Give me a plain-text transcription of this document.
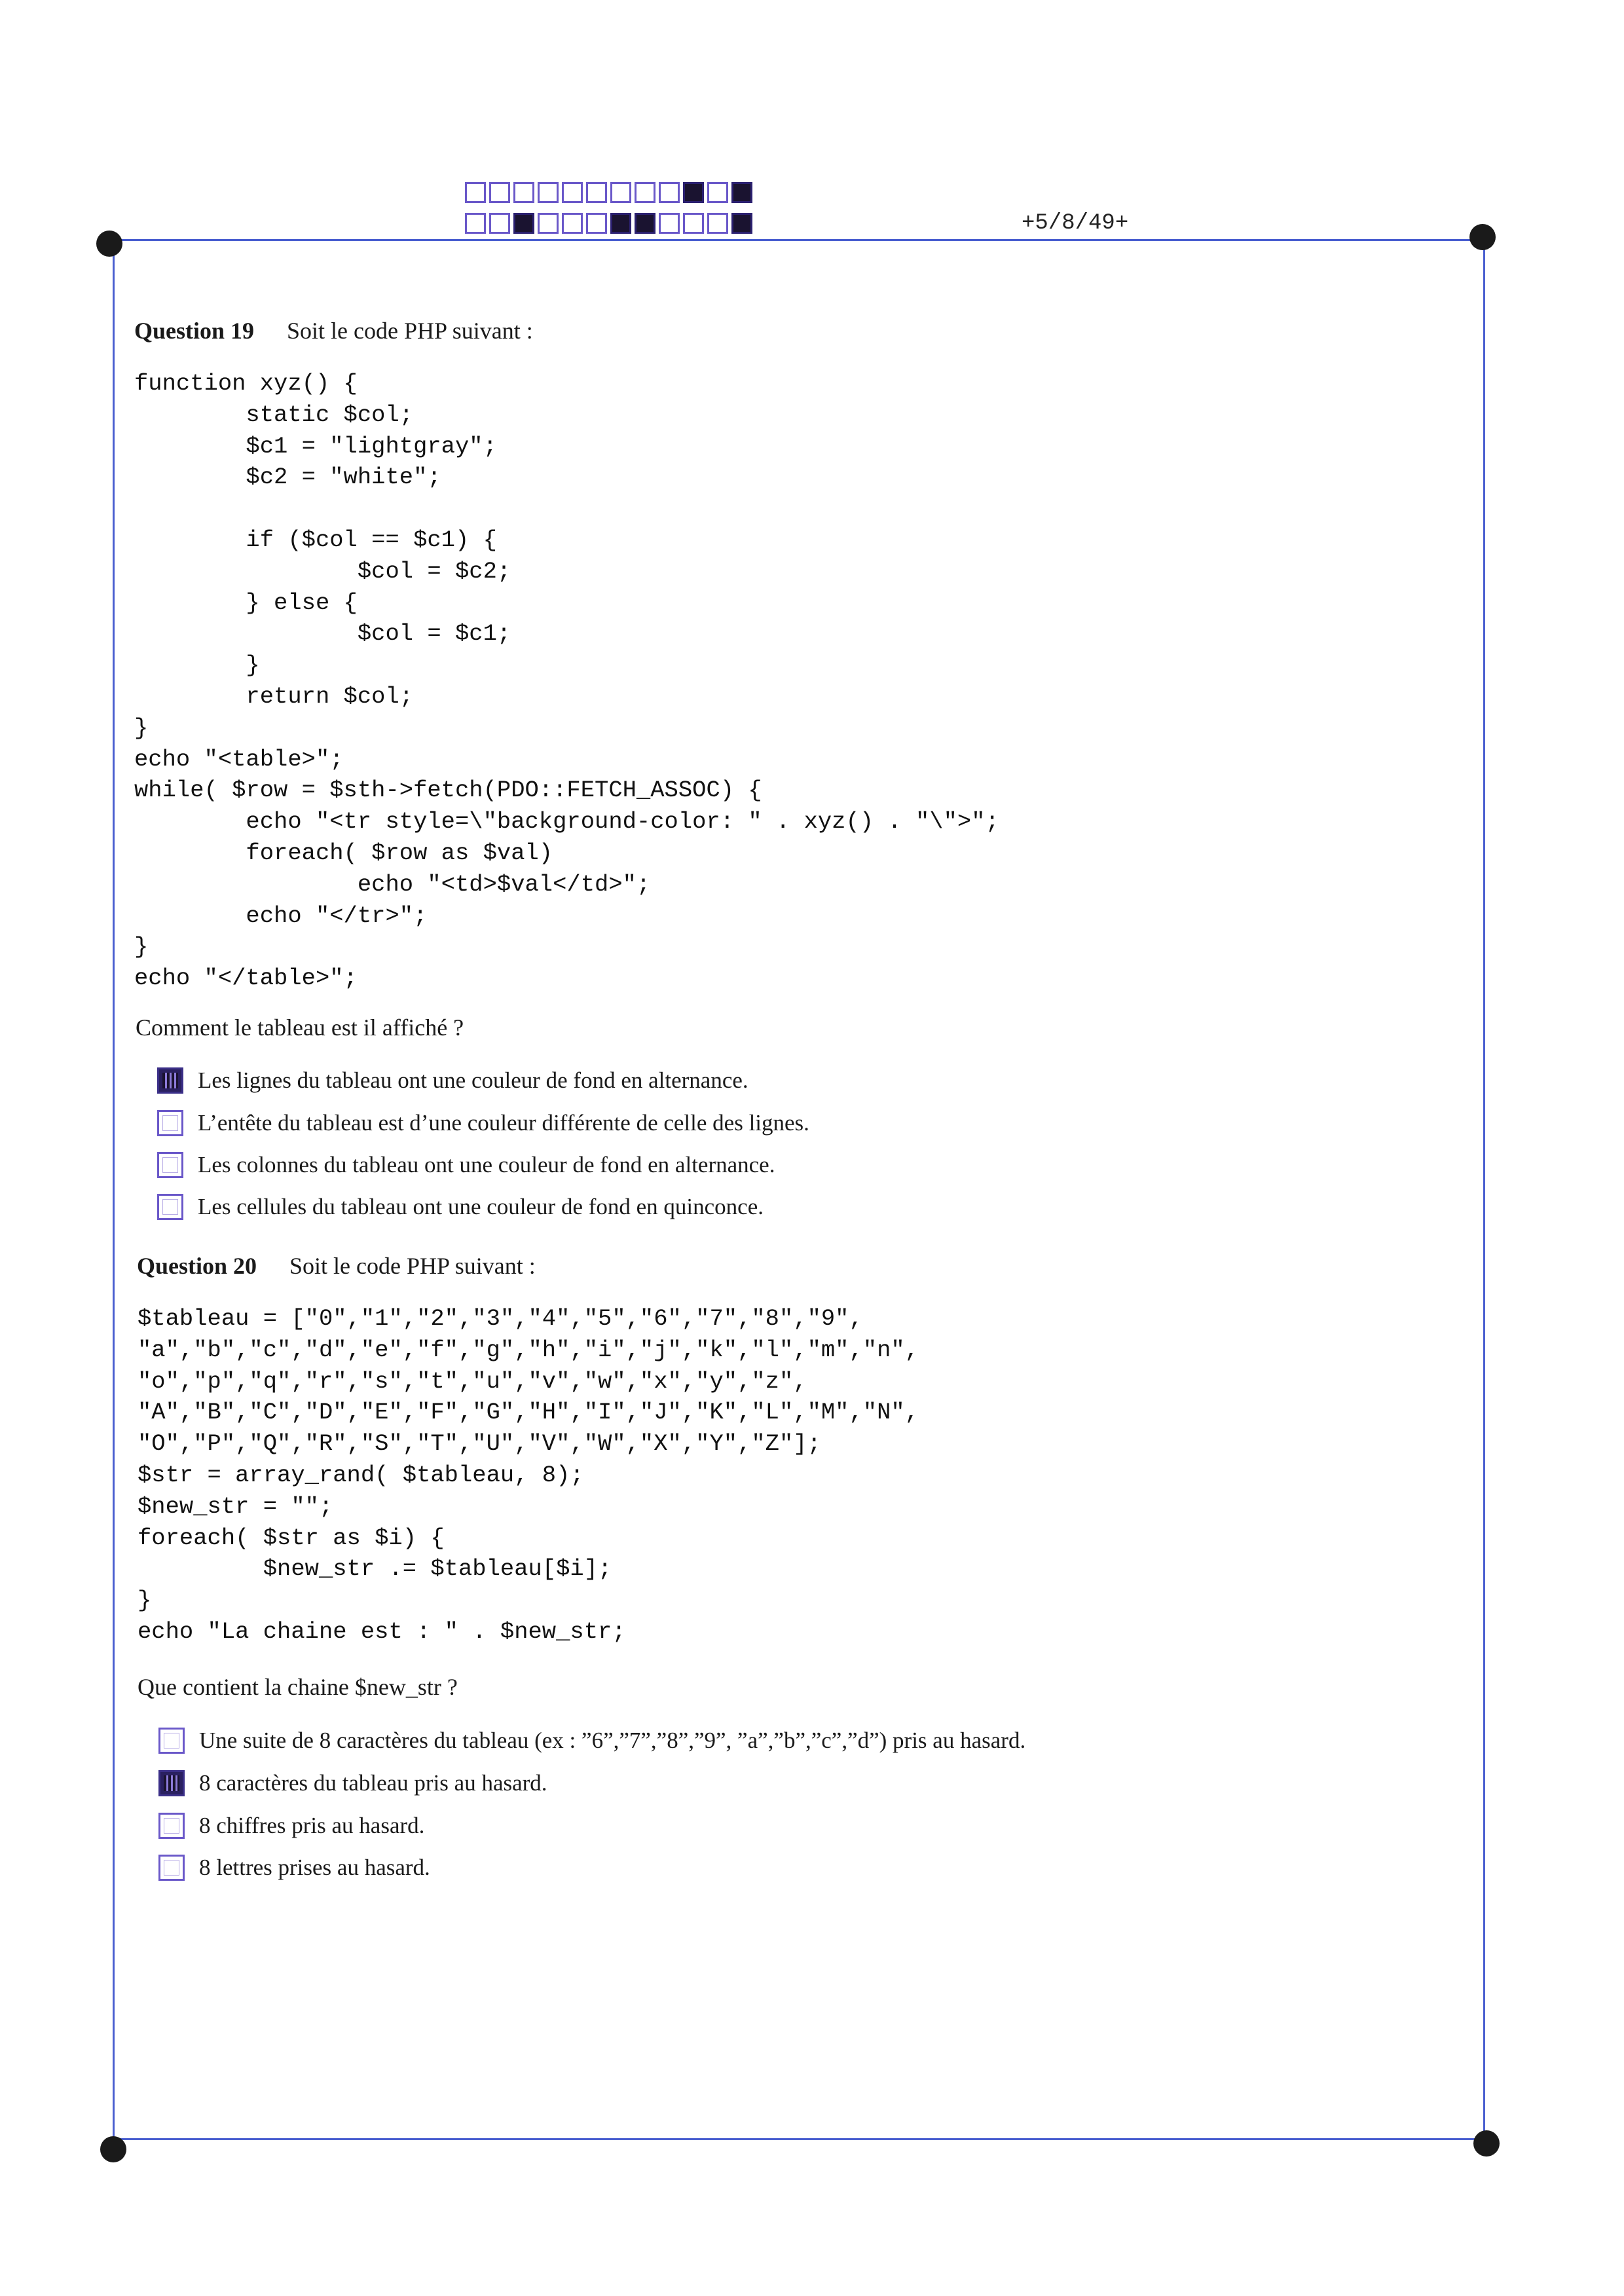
+5/8/49+
Question 19 Soit le code PHP suivant :
function xyz() {
static $col;
$c1 = "lightgray";
$c2 = "white";

if ($col == $c1) {
$col = $c2;
} else {
$col = $c1;
}
return $col;
}
echo "<table>";
while( $row = $sth->fetch(PDO::FETCH_ASSOC) {
echo "<tr style=\"background-color: " . xyz() . "\">";
foreach( $row as $val)
echo "<td>$val</td>";
echo "</tr>";
}
echo "</table>";
Comment le tableau est il affiché ?
Les lignes du tableau ont une couleur de fond en alternance.
L’entête du tableau est d’une couleur différente de celle des lignes.
Les colonnes du tableau ont une couleur de fond en alternance.
Les cellules du tableau ont une couleur de fond en quinconce.
Question 20 Soit le code PHP suivant :
$tableau = ["0","1","2","3","4","5","6","7","8","9",
"a","b","c","d","e","f","g","h","i","j","k","l","m","n",
"o","p","q","r","s","t","u","v","w","x","y","z",
"A","B","C","D","E","F","G","H","I","J","K","L","M","N",
"O","P","Q","R","S","T","U","V","W","X","Y","Z"];
$str = array_rand( $tableau, 8);
$new_str = "";
foreach( $str as $i) {
$new_str .= $tableau[$i];
}
echo "La chaine est : " . $new_str;
Que contient la chaine $new_str ?
Une suite de 8 caractères du tableau (ex : ”6”,”7”,”8”,”9”, ”a”,”b”,”c”,”d”) pris au hasard.
8 caractères du tableau pris au hasard.
8 chiffres pris au hasard.
8 lettres prises au hasard.
